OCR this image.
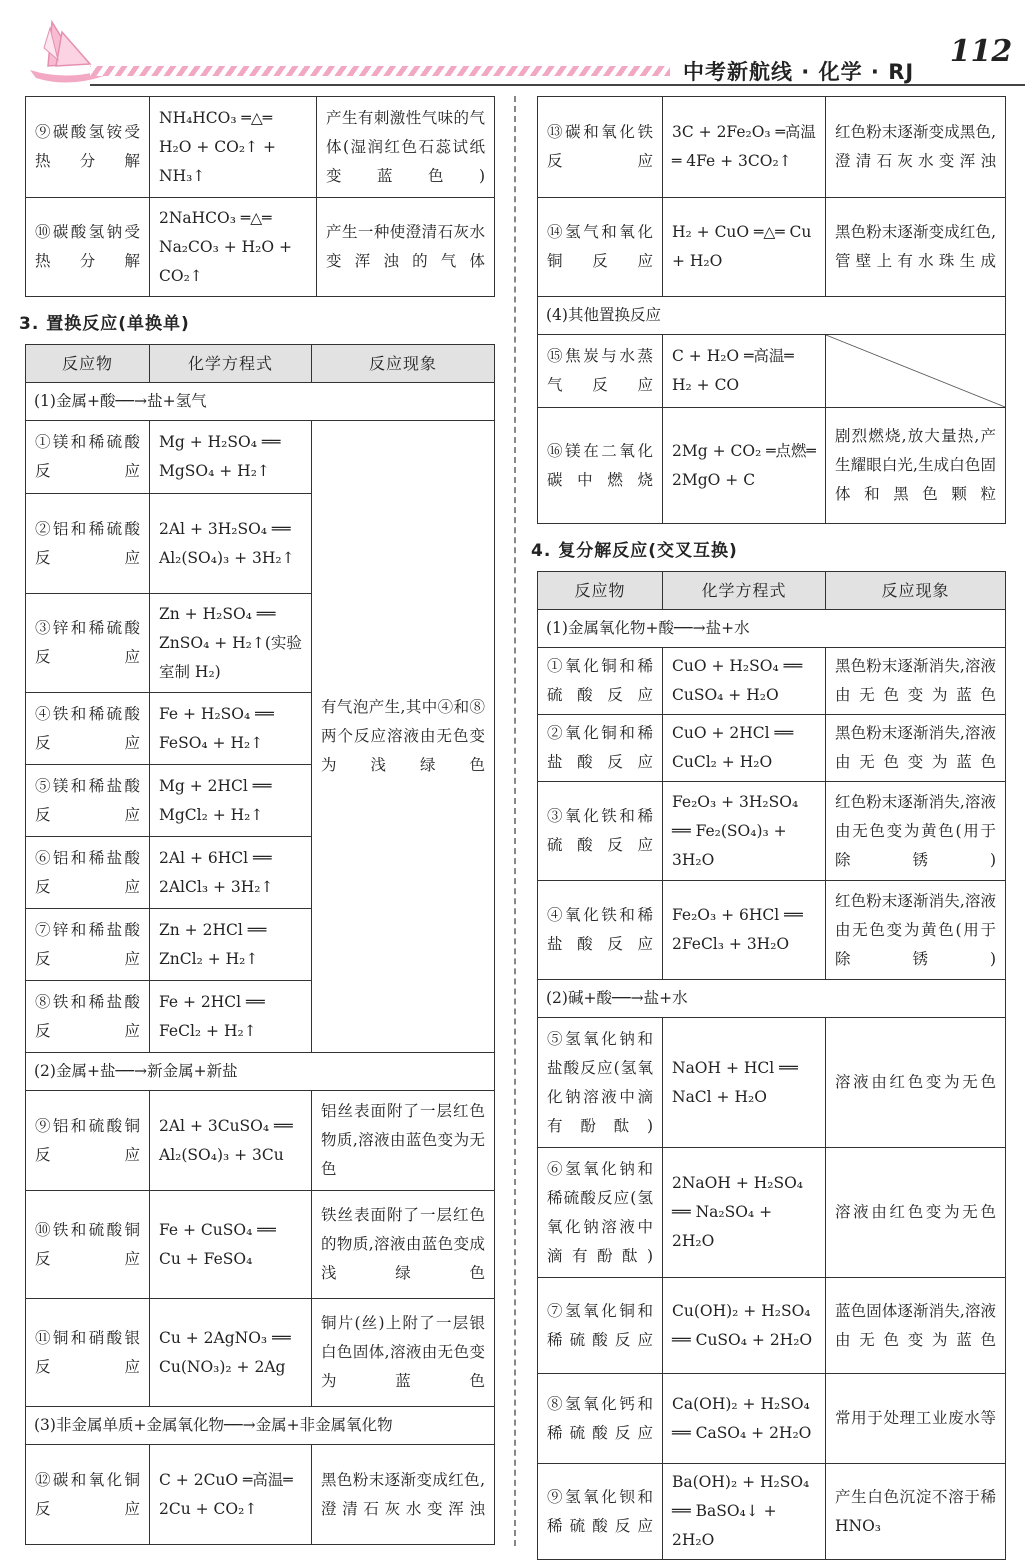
中考新航线 · 化学 · RJ
112
⑨碳酸氢铵受热分解	NH₄HCO₃ ═△═ H₂O + CO₂↑ + NH₃↑	产生有刺激性气味的气体(湿润红色石蕊试纸变蓝色)
⑩碳酸氢钠受热分解	2NaHCO₃ ═△═ Na₂CO₃ + H₂O + CO₂↑	产生一种使澄清石灰水变浑浊的气体
3. 置换反应(单换单)
反应物	化学方程式	反应现象
(1)金属+酸──→盐+氢气		
①镁和稀硫酸反应	Mg + H₂SO₄ ══ MgSO₄ + H₂↑	有气泡产生,其中④和⑧两个反应溶液由无色变为浅绿色
②铝和稀硫酸反应	2Al + 3H₂SO₄ ══ Al₂(SO₄)₃ + 3H₂↑	
③锌和稀硫酸反应	Zn + H₂SO₄ ══ ZnSO₄ + H₂↑(实验室制 H₂)	
④铁和稀硫酸反应	Fe + H₂SO₄ ══ FeSO₄ + H₂↑	
⑤镁和稀盐酸反应	Mg + 2HCl ══ MgCl₂ + H₂↑	
⑥铝和稀盐酸反应	2Al + 6HCl ══ 2AlCl₃ + 3H₂↑	
⑦锌和稀盐酸反应	Zn + 2HCl ══ ZnCl₂ + H₂↑	
⑧铁和稀盐酸反应	Fe + 2HCl ══ FeCl₂ + H₂↑	
(2)金属+盐──→新金属+新盐		
⑨铝和硫酸铜反应	2Al + 3CuSO₄ ══ Al₂(SO₄)₃ + 3Cu	铝丝表面附了一层红色物质,溶液由蓝色变为无色
⑩铁和硫酸铜反应	Fe + CuSO₄ ══ Cu + FeSO₄	铁丝表面附了一层红色的物质,溶液由蓝色变成浅绿色
⑪铜和硝酸银反应	Cu + 2AgNO₃ ══ Cu(NO₃)₂ + 2Ag	铜片(丝)上附了一层银白色固体,溶液由无色变为蓝色
(3)非金属单质+金属氧化物──→金属+非金属氧化物		
⑫碳和氧化铜反应	C + 2CuO ═高温═ 2Cu + CO₂↑	黑色粉末逐渐变成红色,澄清石灰水变浑浊
⑬碳和氧化铁反应	3C + 2Fe₂O₃ ═高温═ 4Fe + 3CO₂↑	红色粉末逐渐变成黑色,澄清石灰水变浑浊
⑭氢气和氧化铜反应	H₂ + CuO ═△═ Cu + H₂O	黑色粉末逐渐变成红色,管壁上有水珠生成
(4)其他置换反应		
⑮焦炭与水蒸气反应	C + H₂O ═高温═ H₂ + CO	
⑯镁在二氧化碳中燃烧	2Mg + CO₂ ═点燃═ 2MgO + C	剧烈燃烧,放大量热,产生耀眼白光,生成白色固体和黑色颗粒
4. 复分解反应(交叉互换)
反应物	化学方程式	反应现象
(1)金属氧化物+酸──→盐+水		
①氧化铜和稀硫酸反应	CuO + H₂SO₄ ══ CuSO₄ + H₂O	黑色粉末逐渐消失,溶液由无色变为蓝色
②氧化铜和稀盐酸反应	CuO + 2HCl ══ CuCl₂ + H₂O	黑色粉末逐渐消失,溶液由无色变为蓝色
③氧化铁和稀硫酸反应	Fe₂O₃ + 3H₂SO₄ ══ Fe₂(SO₄)₃ + 3H₂O	红色粉末逐渐消失,溶液由无色变为黄色(用于除锈)
④氧化铁和稀盐酸反应	Fe₂O₃ + 6HCl ══ 2FeCl₃ + 3H₂O	红色粉末逐渐消失,溶液由无色变为黄色(用于除锈)
(2)碱+酸──→盐+水		
⑤氢氧化钠和盐酸反应(氢氧化钠溶液中滴有酚酞)	NaOH + HCl ══ NaCl + H₂O	溶液由红色变为无色
⑥氢氧化钠和稀硫酸反应(氢氧化钠溶液中滴有酚酞)	2NaOH + H₂SO₄ ══ Na₂SO₄ + 2H₂O	溶液由红色变为无色
⑦氢氧化铜和稀硫酸反应	Cu(OH)₂ + H₂SO₄ ══ CuSO₄ + 2H₂O	蓝色固体逐渐消失,溶液由无色变为蓝色
⑧氢氧化钙和稀硫酸反应	Ca(OH)₂ + H₂SO₄ ══ CaSO₄ + 2H₂O	常用于处理工业废水等
⑨氢氧化钡和稀硫酸反应	Ba(OH)₂ + H₂SO₄ ══ BaSO₄↓ + 2H₂O	产生白色沉淀不溶于稀 HNO₃
